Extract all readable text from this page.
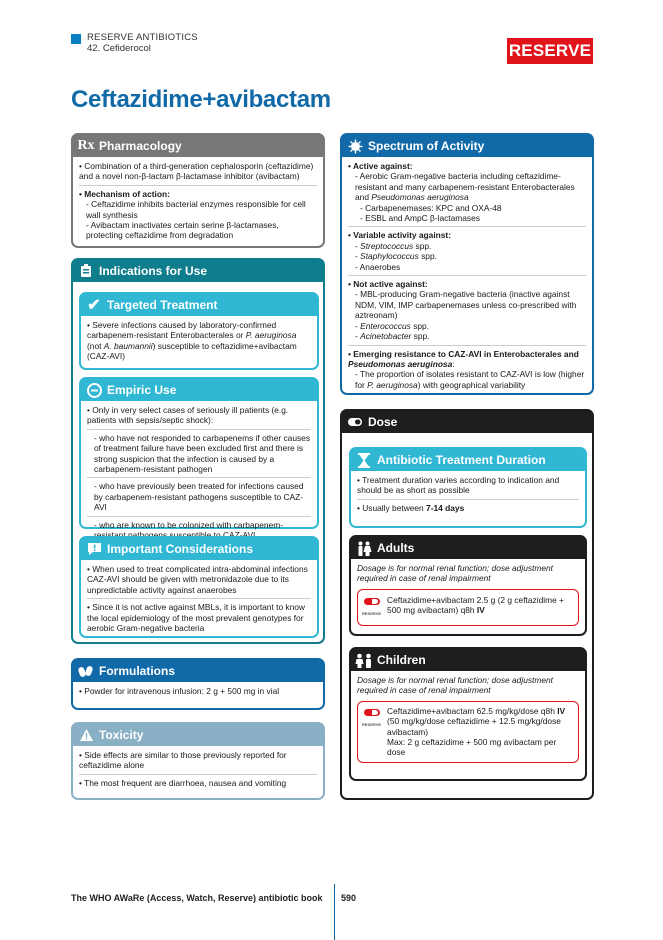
RESERVE ANTIBIOTICS
42. Cefiderocol	RESERVE
Ceftazidime+avibactam
Rx Pharmacology

• Combination of a third-generation cephalosporin (ceftazidime) and a novel non-β-lactam β-lactamase inhibitor (avibactam)

• Mechanism of action:

- Ceftazidime inhibits bacterial enzymes responsible for cell wall synthesis

- Avibactam inactivates certain serine β-lactamases, protecting ceftazidime from degradation

Indications for Use
✔ Targeted Treatment
• Severe infections caused by laboratory-confirmed carbapenem-resistant Enterobacterales or P. aeruginosa (not A. baumannii) susceptible to ceftazidime+avibactam (CAZ-AVI)
Empiric Use

• Only in very select cases of seriously ill patients (e.g. patients with sepsis/septic shock):

- who have not responded to carbapenems if other causes of treatment failure have been excluded first and there is strong suspicion that the infection is caused by a carbapenem-resistant pathogen

- who have previously been treated for infections caused by carbapenem-resistant pathogens susceptible to CAZ-AVI

- who are known to be colonized with carbapenem-

Important Considerations

• When used to treat complicated intra-abdominal infections CAZ-AVI should be given with metronidazole due to its unpredictable activity against anaerobes

• Since it is not active against MBLs, it is important to know the local epidemiology of the most prevalent genotypes for aerobic Gram-negative bacteria

Formulations
• Powder for intravenous infusion: 2 g + 500 mg in vial
Toxicity

• Side effects are similar to those previously reported for ceftazidime alone

• The most frequent are diarrhoea, nausea and vomiting

Spectrum of Activity

• Active against:

- Aerobic Gram-negative bacteria including ceftazidime-resistant and many carbapenem-resistant Enterobacterales and Pseudomonas aeruginosa

- Carbapenemases: KPC and OXA-48

- ESBL and AmpC β-lactamases

• Variable activity against:

- Streptococcus spp.

- Staphylococcus spp.

- Anaerobes

• Not active against:

- MBL-producing Gram-negative bacteria (inactive against NDM, VIM, IMP carbapenemases unless co-prescribed with aztreonam)

- Enterococcus spp.

- Acinetobacter spp.

• Emerging resistance to CAZ-AVI in Enterobacterales and Pseudomonas aeruginosa:

- The proportion of isolates resistant to CAZ-AVI is low (higher for P. aeruginosa) with geographical variability

Dose
Antibiotic Treatment Duration

• Treatment duration varies according to indication and should be as short as possible

• Usually between 7-14 days

Adults

Dosage is for normal renal function; dose adjustment required in case of renal impairment

RESERVE
Ceftazidime+avibactam 2.5 g (2 g ceftazidime + 500 mg avibactam) q8h IV
Children

Dosage is for normal renal function; dose adjustment required in case of renal impairment

RESERVE
Ceftazidime+avibactam 62.5 mg/kg/dose q8h IV
(50 mg/kg/dose ceftazidime + 12.5 mg/kg/dose avibactam)
Max: 2 g ceftazidime + 500 mg avibactam per dose
The WHO AWaRe (Access, Watch, Reserve) antibiotic book 590
